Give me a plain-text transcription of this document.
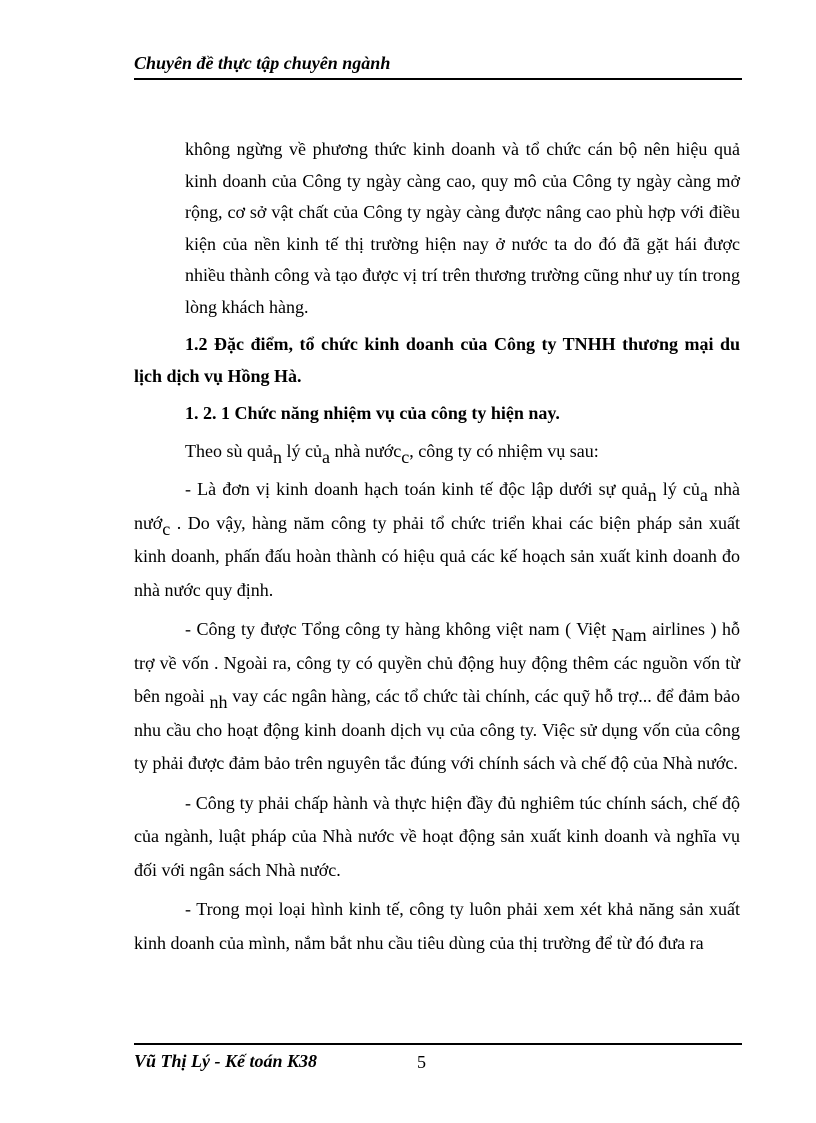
Chuyên đề thực tập chuyên ngành

không ngừng về phương thức kinh doanh và tổ chức cán bộ nên hiệu quả kinh doanh của Công ty ngày càng cao, quy mô của Công ty ngày càng mở rộng, cơ sở vật chất của Công ty ngày càng được nâng cao phù hợp với điều kiện của nền kinh tế thị trường hiện nay ở nước ta do đó đã gặt hái được nhiều thành công và tạo được vị trí trên thương trường cũng như uy tín trong lòng khách hàng.

1.2 Đặc điểm, tổ chức kinh doanh của Công ty TNHH thương mại du lịch dịch vụ Hồng Hà.

1. 2. 1 Chức năng nhiệm vụ của công ty hiện nay.

Theo sù quả$_n$ lý củ$_a$ nhà nước$_c$, công ty có nhiệm vụ sau:

- Là đơn vị kinh doanh hạch toán kinh tế độc lập dưới sự quả$_n$ lý củ$_a$ nhà nướ$_c$ . Do vậy, hàng năm công ty phải tổ chức triển khai các biện pháp sản xuất kinh doanh, phấn đấu hoàn thành có hiệu quả các kế hoạch sản xuất kinh doanh đo nhà nước quy định.

- Công ty được Tổng công ty hàng không việt nam ( Việt $_{Nam}$ airlines ) hỗ trợ về vốn . Ngoài ra, công ty có quyền chủ động huy động thêm các nguồn vốn từ bên ngoài $_{nh}$ vay các ngân hàng, các tổ chức tài chính, các quỹ hỗ trợ... để đảm bảo nhu cầu cho hoạt động kinh doanh dịch vụ của công ty. Việc sử dụng vốn của công ty phải được đảm bảo trên nguyên tắc đúng với chính sách và chế độ của Nhà nước.

- Công ty phải chấp hành và thực hiện đầy đủ nghiêm túc chính sách, chế độ của ngành, luật pháp của Nhà nước về hoạt động sản xuất kinh doanh và nghĩa vụ đối với ngân sách Nhà nước.

- Trong mọi loại hình kinh tế, công ty luôn phải xem xét khả năng sản xuất kinh doanh của mình, nắm bắt nhu cầu tiêu dùng của thị trường để từ đó đưa ra

Vũ Thị Lý - Kế toán K38	5
